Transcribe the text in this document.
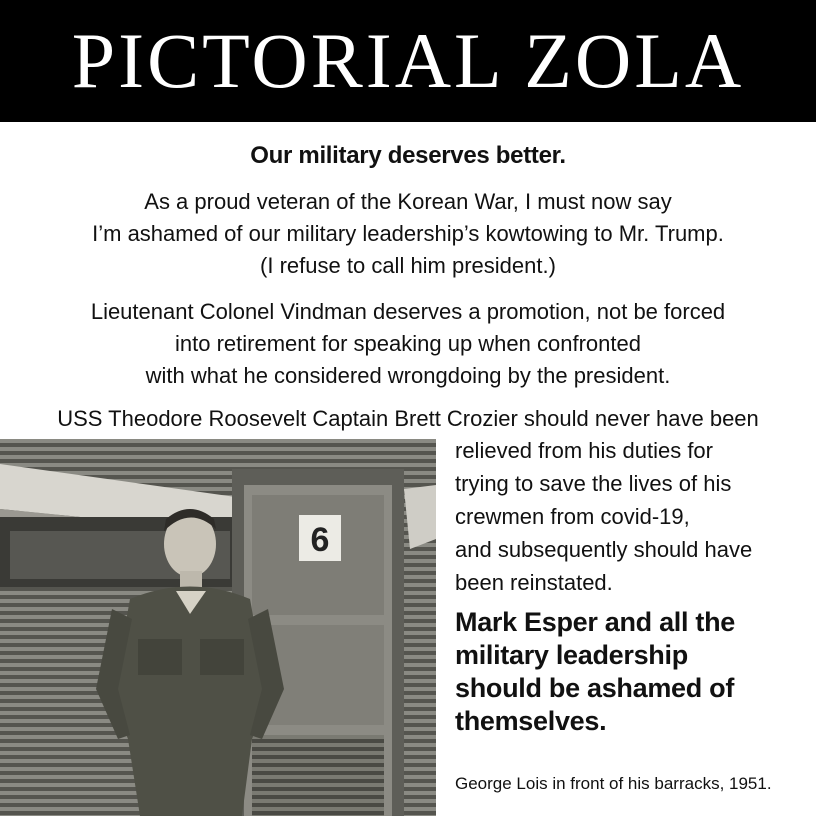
PICTORIAL ZOLA
Our military deserves better.
As a proud veteran of the Korean War, I must now say
I’m ashamed of our military leadership’s kowtowing to Mr. Trump.
(I refuse to call him president.)
Lieutenant Colonel Vindman deserves a promotion, not be forced
into retirement for speaking up when confronted
with what he considered wrongdoing by the president.
USS Theodore Roosevelt Captain Brett Crozier should never have been
6
relieved from his duties for
trying to save the lives of his
crewmen from covid-19,
and subsequently should have
been reinstated.
Mark Esper and all the
military leadership
should be ashamed of
themselves.
George Lois in front of his barracks, 1951.
